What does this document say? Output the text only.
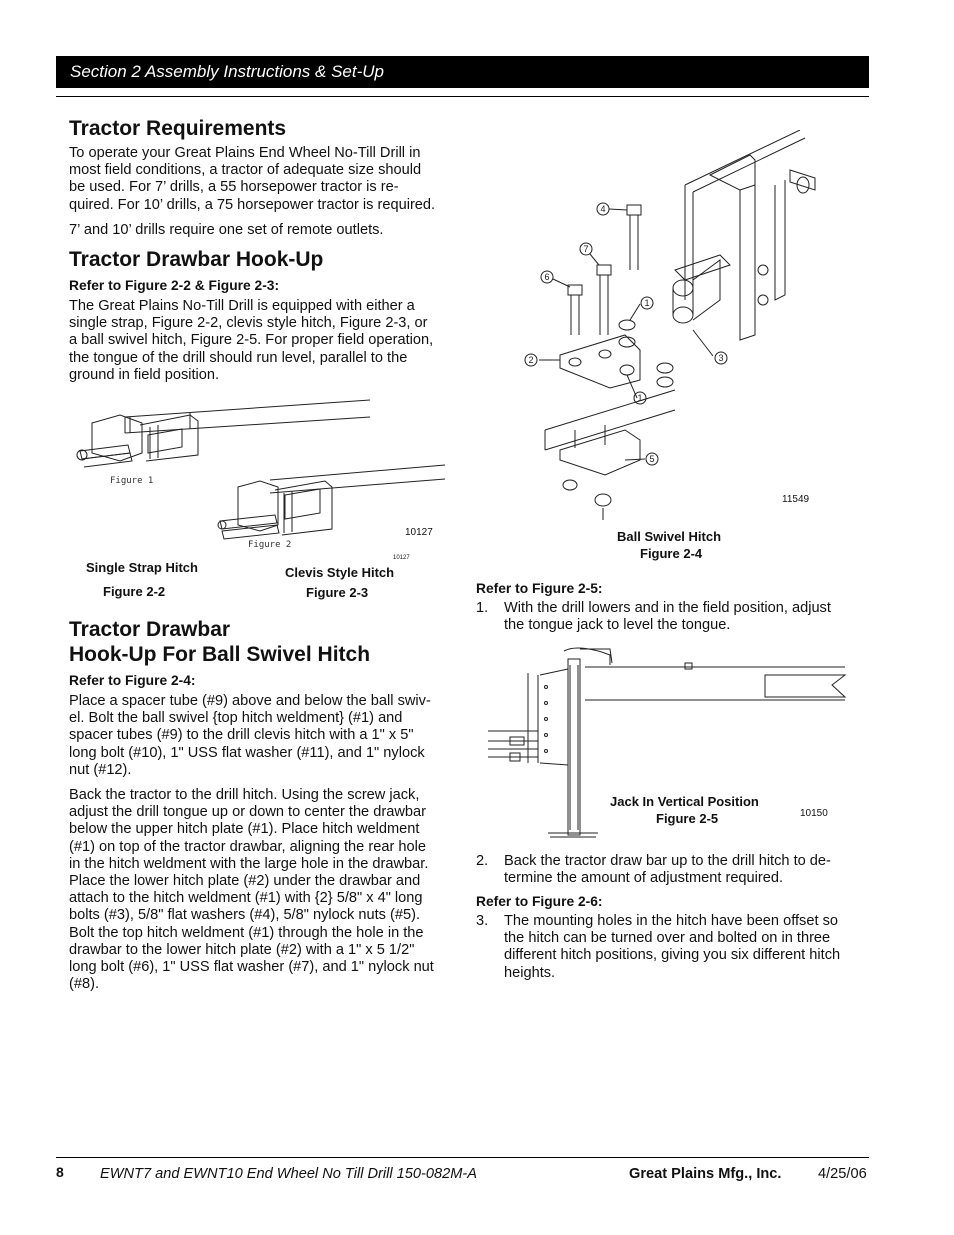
Section 2 Assembly Instructions & Set-Up
Tractor Requirements
To operate your Great Plains End Wheel No-Till Drill in
most field conditions, a tractor of adequate size should
be used. For 7’ drills, a 55 horsepower tractor is re-
quired. For 10’ drills, a 75 horsepower tractor is required.
7’ and 10’ drills require one set of remote outlets.
Tractor Drawbar Hook-Up
Refer to Figure 2-2 & Figure 2-3:
The Great Plains No-Till Drill is equipped with either a
single strap, Figure 2-2, clevis style hitch, Figure 2-3, or
a ball swivel hitch, Figure 2-5. For proper field operation,
the tongue of the drill should run level, parallel to the
ground in field position.
Figure 1
Figure 2
10127
10127
Single Strap Hitch
Figure 2-2
Clevis Style Hitch
Figure 2-3
Tractor Drawbar
Hook-Up For Ball Swivel Hitch
Refer to Figure 2-4:
Place a spacer tube (#9) above and below the ball swiv-
el. Bolt the ball swivel {top hitch weldment} (#1) and
spacer tubes (#9) to the drill clevis hitch with a 1" x 5"
long bolt (#10), 1" USS flat washer (#11), and 1" nylock
nut (#12).
Back the tractor to the drill hitch. Using the screw jack,
adjust the drill tongue up or down to center the drawbar
below the upper hitch plate (#1). Place hitch weldment
(#1) on top of the tractor drawbar, aligning the rear hole
in the hitch weldment with the large hole in the drawbar.
Place the lower hitch plate (#2) under the drawbar and
attach to the hitch weldment (#1) with {2} 5/8" x 4" long
bolts (#3), 5/8" flat washers (#4), 5/8" nylock nuts (#5).
Bolt the top hitch weldment (#1) through the hole in the
drawbar to the lower hitch plate (#2) with a 1" x 5 1/2"
long bolt (#6), 1" USS flat washer (#7), and 1" nylock nut
(#8).
4
7
6
1
2	3
1
5
11549
Ball Swivel Hitch
Figure 2-4
Refer to Figure 2-5:
1. With the drill lowers and in the field position, adjust
the tongue jack to level the tongue.
Jack In Vertical Position
Figure 2-5	10150
2. Back the tractor draw bar up to the drill hitch to de-
termine the amount of adjustment required.
Refer to Figure 2-6:
3. The mounting holes in the hitch have been offset so
the hitch can be turned over and bolted on in three
different hitch positions, giving you six different hitch
heights.
8 EWNT7 and EWNT10 End Wheel No Till Drill 150-082M-A	Great Plains Mfg., Inc.	4/25/06
